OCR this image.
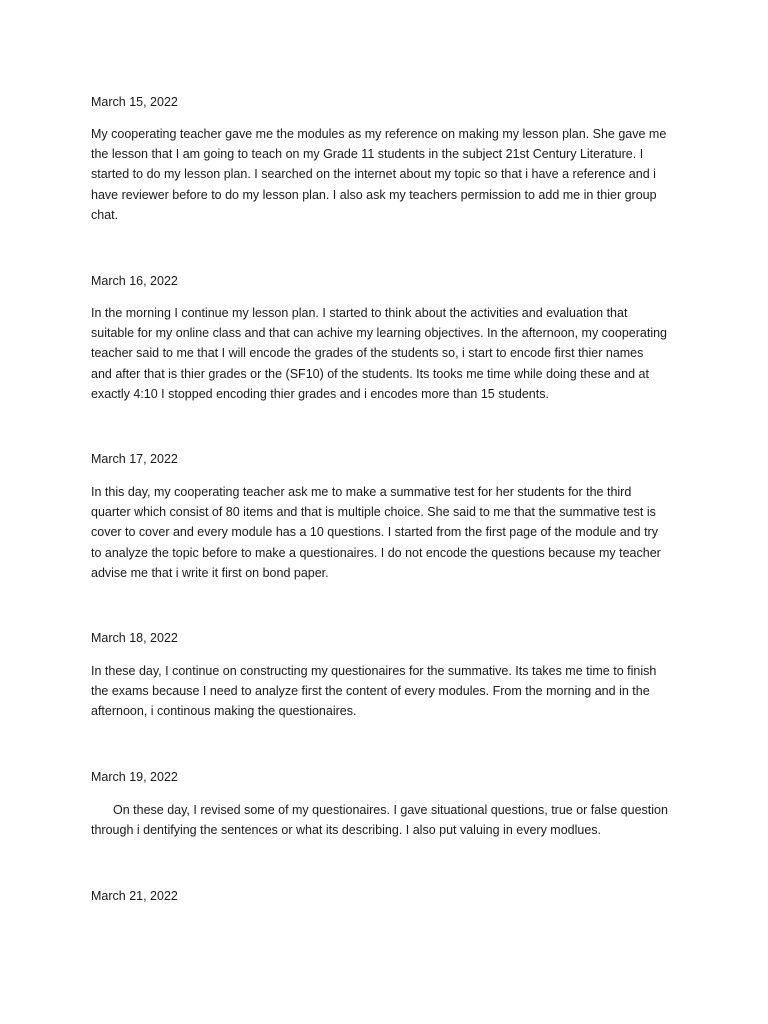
March 15, 2022
My cooperating teacher gave me the modules as my reference on making my lesson plan. She gave me
the lesson that I am going to teach on my Grade 11 students in the subject 21st Century Literature. I
started to do my lesson plan. I searched on the internet about my topic so that i have a reference and i
have reviewer before to do my lesson plan. I also ask my teachers permission to add me in thier group
chat.
March 16, 2022
In the morning I continue my lesson plan. I started to think about the activities and evaluation that
suitable for my online class and that can achive my learning objectives. In the afternoon, my cooperating
teacher said to me that I will encode the grades of the students so, i start to encode first thier names
and after that is thier grades or the (SF10) of the students. Its tooks me time while doing these and at
exactly 4:10 I stopped encoding thier grades and i encodes more than 15 students.
March 17, 2022
In this day, my cooperating teacher ask me to make a summative test for her students for the third
quarter which consist of 80 items and that is multiple choice. She said to me that the summative test is
cover to cover and every module has a 10 questions. I started from the first page of the module and try
to analyze the topic before to make a questionaires. I do not encode the questions because my teacher
advise me that i write it first on bond paper.
March 18, 2022
In these day, I continue on constructing my questionaires for the summative. Its takes me time to finish
the exams because I need to analyze first the content of every modules. From the morning and in the
afternoon, i continous making the questionaires.
March 19, 2022
On these day, I revised some of my questionaires. I gave situational questions, true or false question
through i dentifying the sentences or what its describing. I also put valuing in every modlues.
March 21, 2022
